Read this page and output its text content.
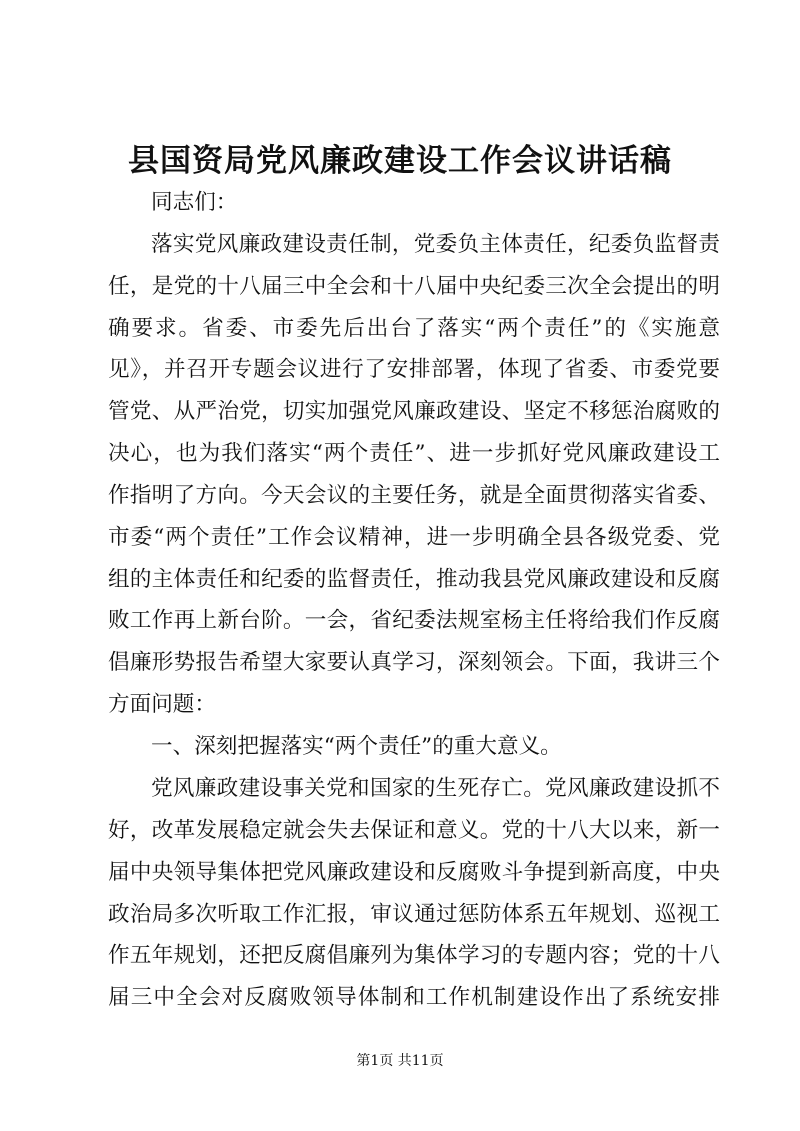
县国资局党风廉政建设工作会议讲话稿
同志们：
落实党风廉政建设责任制，党委负主体责任，纪委负监督责
任，是党的十八届三中全会和十八届中央纪委三次全会提出的明
确要求。省委、市委先后出台了落实“两个责任”的《实施意
见》，并召开专题会议进行了安排部署，体现了省委、市委党要
管党、从严治党，切实加强党风廉政建设、坚定不移惩治腐败的
决心，也为我们落实“两个责任”、进一步抓好党风廉政建设工
作指明了方向。今天会议的主要任务，就是全面贯彻落实省委、
市委“两个责任”工作会议精神，进一步明确全县各级党委、党
组的主体责任和纪委的监督责任，推动我县党风廉政建设和反腐
败工作再上新台阶。一会，省纪委法规室杨主任将给我们作反腐
倡廉形势报告希望大家要认真学习，深刻领会。下面，我讲三个
方面问题：
一、深刻把握落实“两个责任”的重大意义。
党风廉政建设事关党和国家的生死存亡。党风廉政建设抓不
好，改革发展稳定就会失去保证和意义。党的十八大以来，新一
届中央领导集体把党风廉政建设和反腐败斗争提到新高度，中央
政治局多次听取工作汇报，审议通过惩防体系五年规划、巡视工
作五年规划，还把反腐倡廉列为集体学习的专题内容；党的十八
届三中全会对反腐败领导体制和工作机制建设作出了系统安排
第1页 共11页
